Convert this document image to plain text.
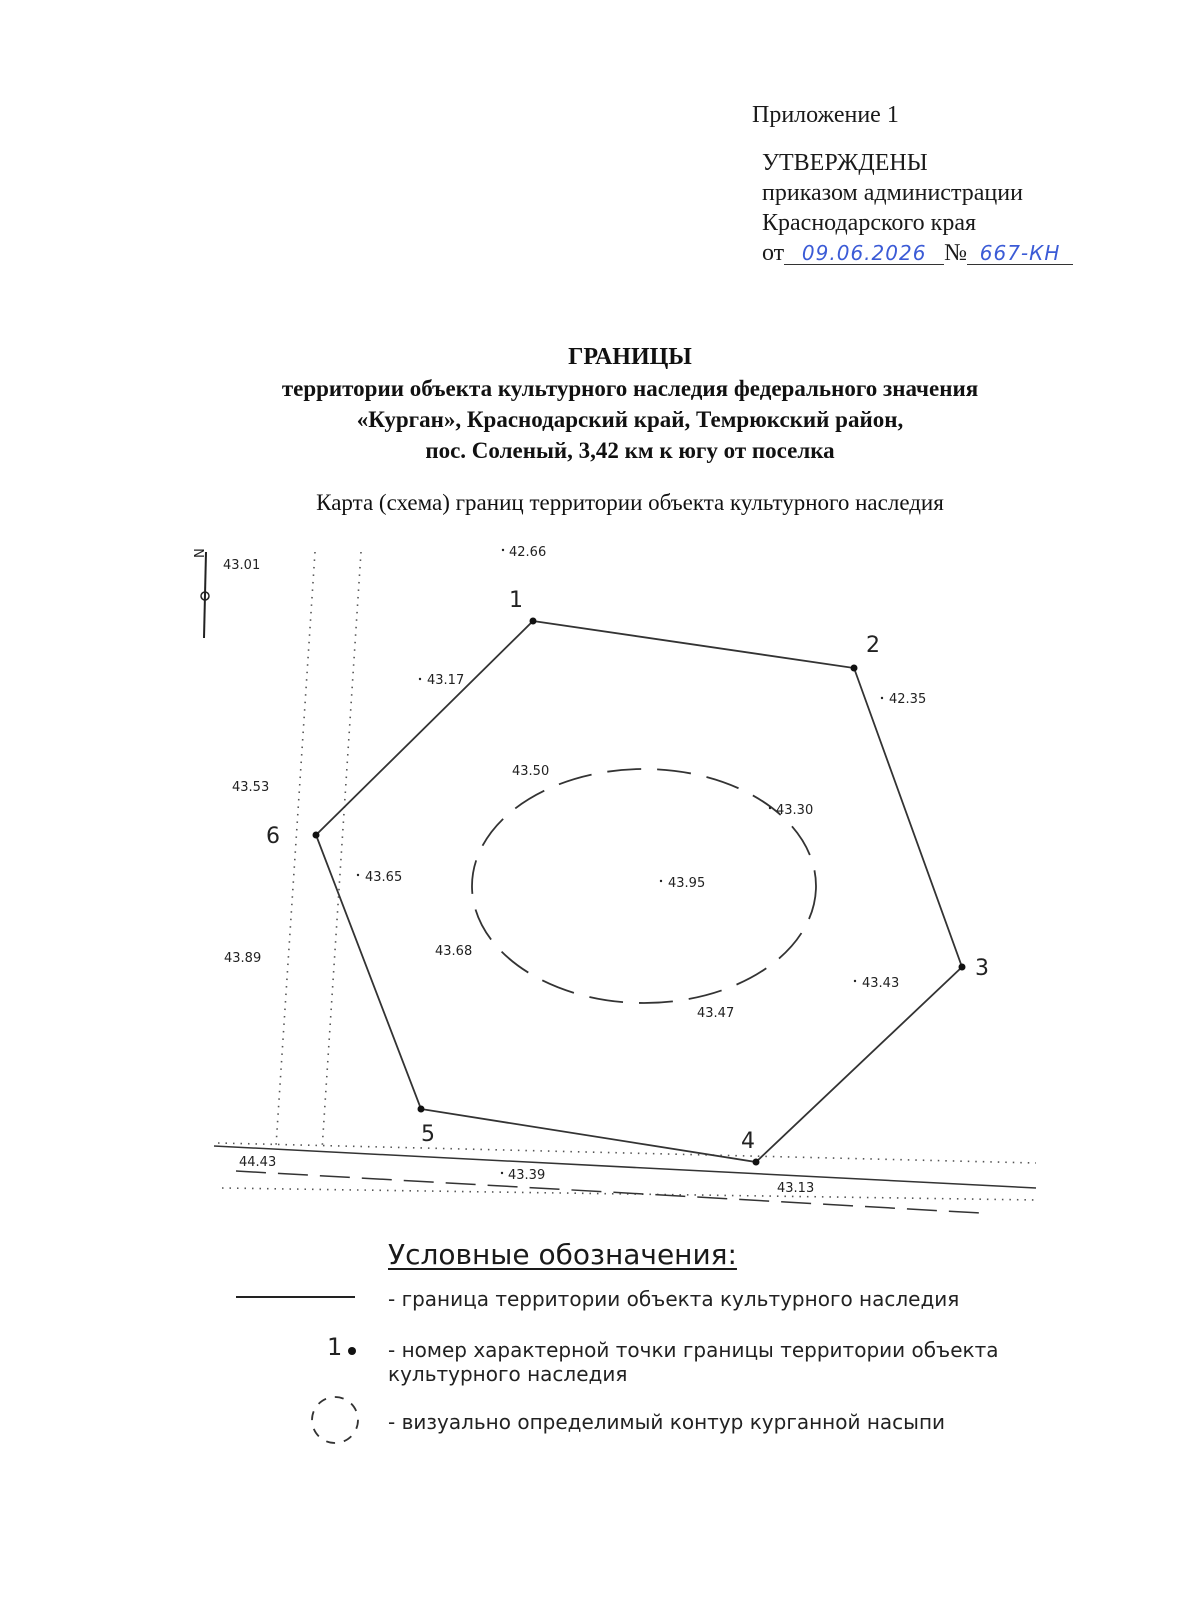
Приложение 1
УТВЕРЖДЕНЫ
приказом администрации
Краснодарского края
от 09.06.2026 № 667-КН
ГРАНИЦЫ
территории объекта культурного наследия федерального значения
«Курган», Краснодарский край, Темрюкский район,
пос. Соленый, 3,42 км к югу от поселка
Карта (схема) границ территории объекта культурного наследия
N
1
2
3
4
5
6
43.01
42.66
43.17
42.35
43.53
43.50
43.30
43.65	43.95
43.89	43.68
43.43
43.47
44.43
43.39
43.13
Условные обозначения:
- граница территории объекта культурного наследия
1 - номер характерной точки границы территории объекта культурного наследия
- визуально определимый контур курганной насыпи
